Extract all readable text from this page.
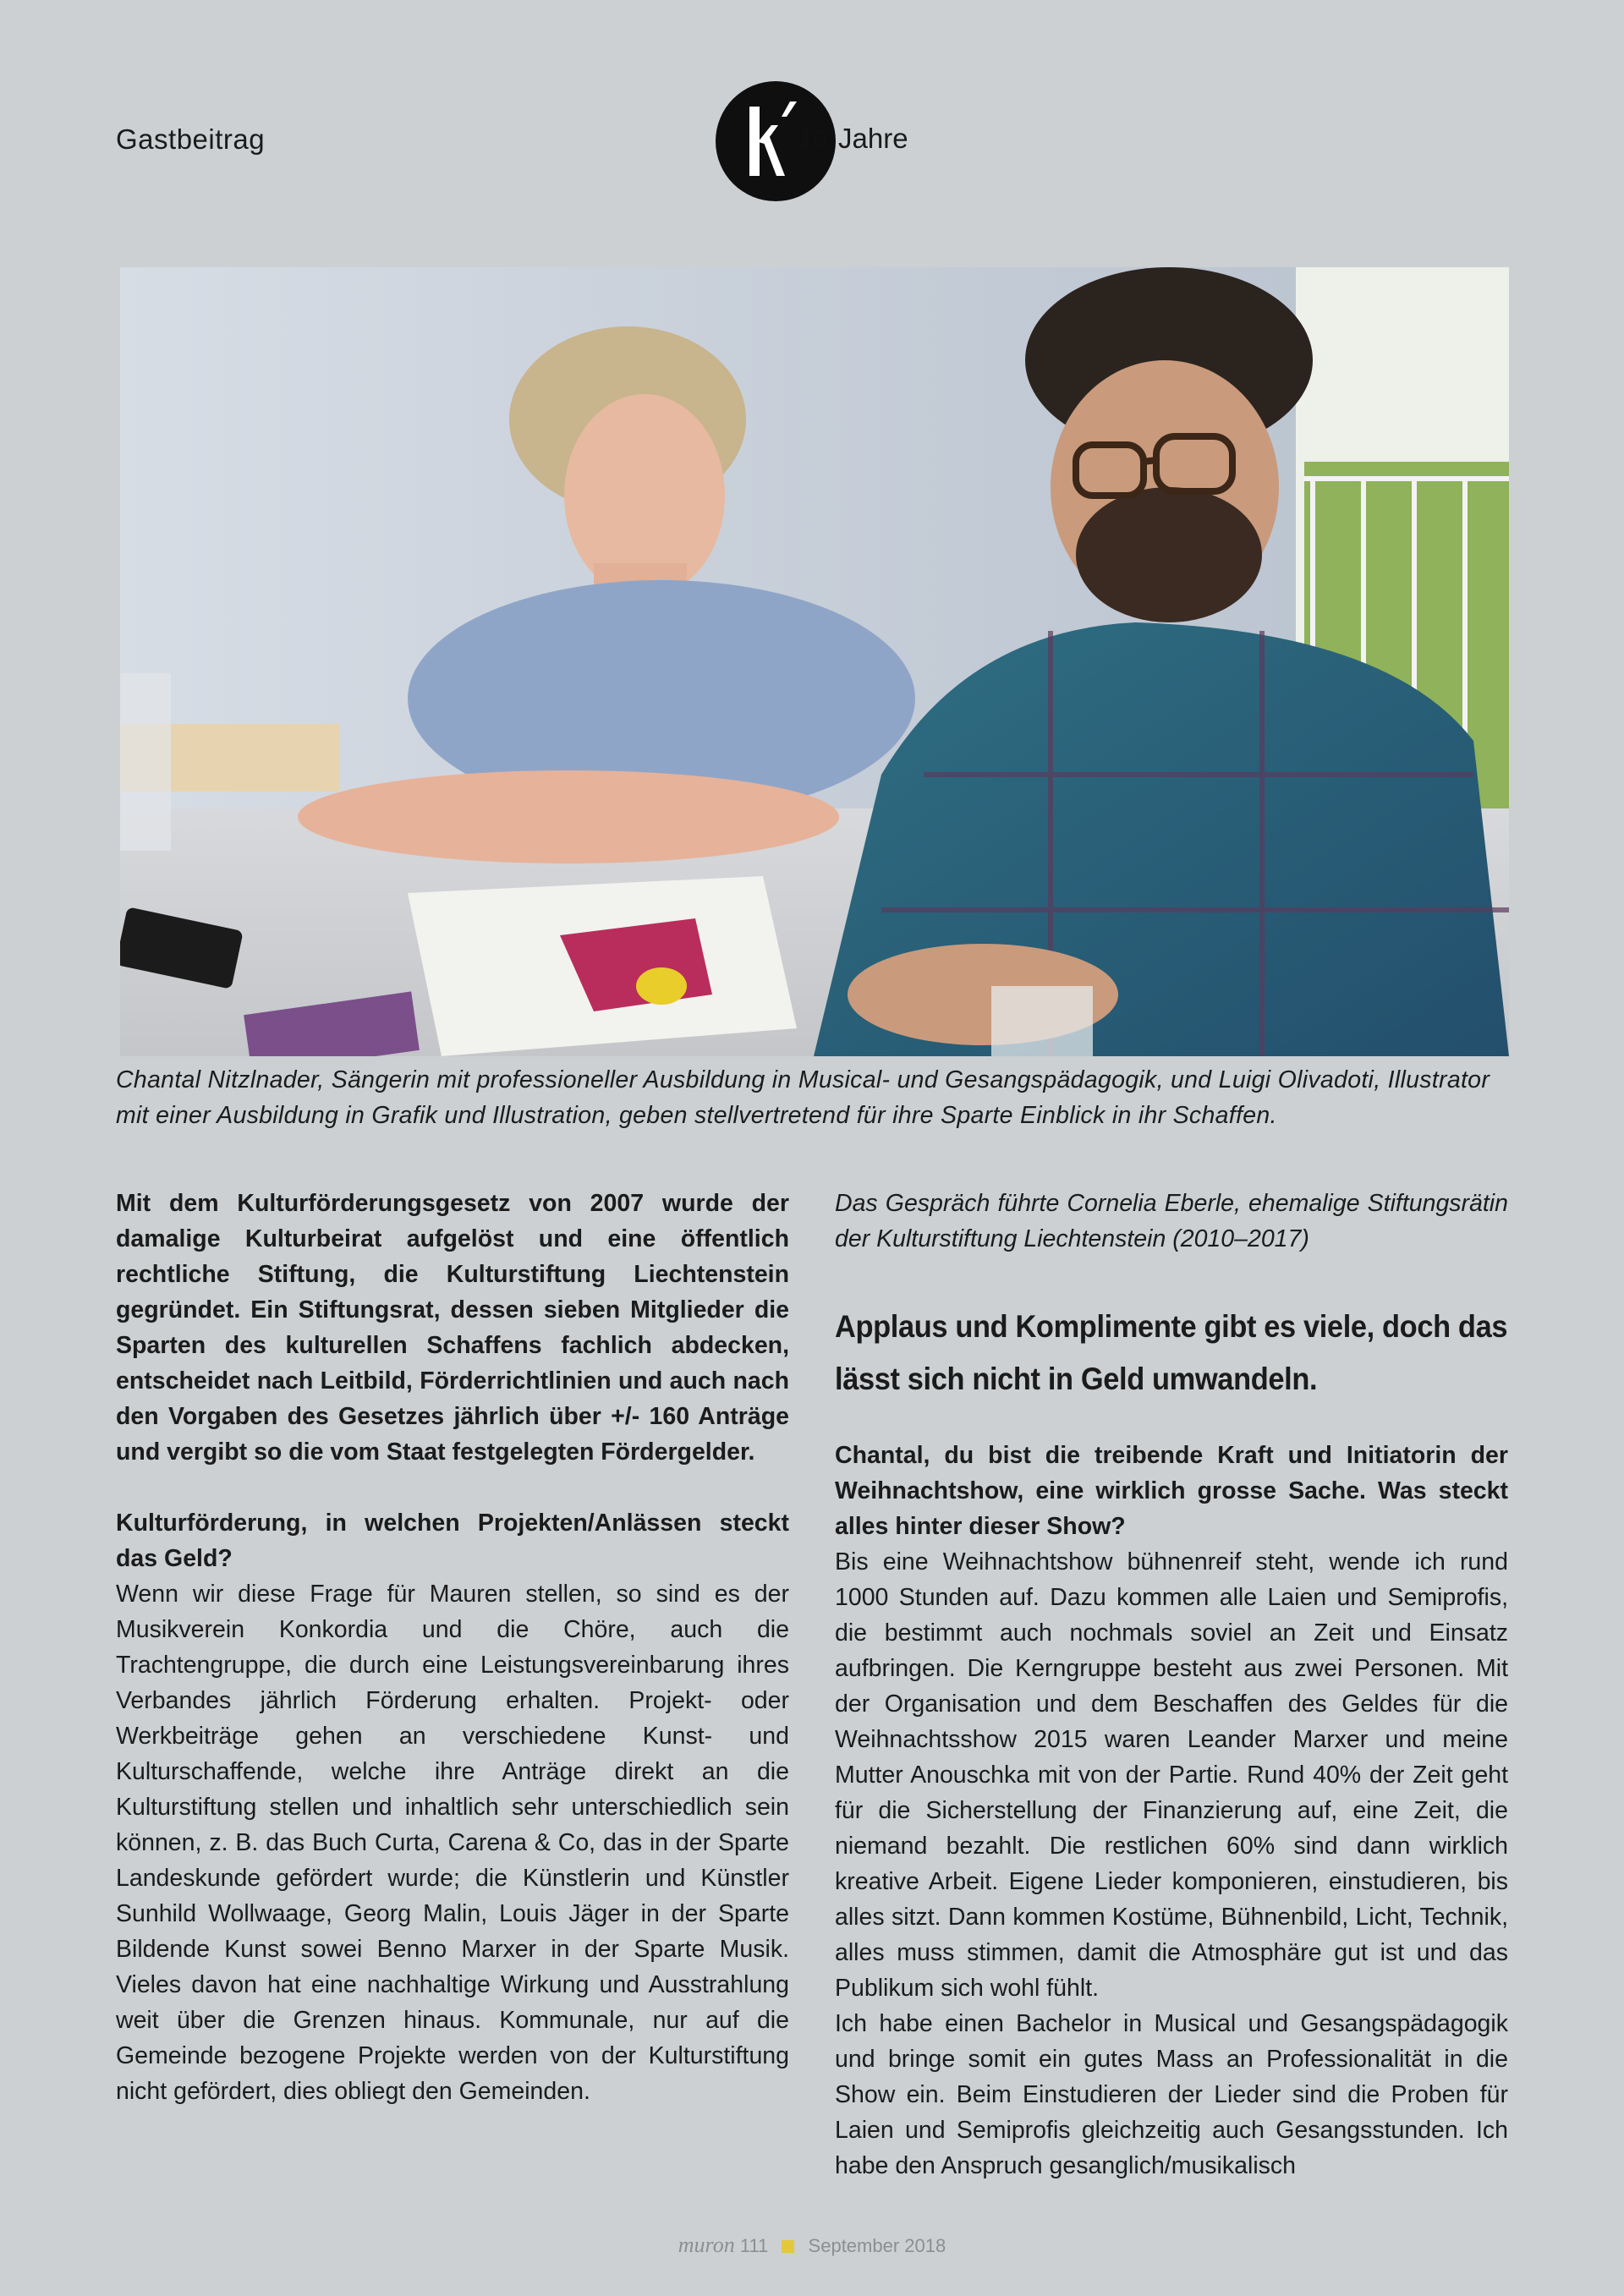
Gastbeitrag	10 Jahre
Chantal Nitzlnader, Sängerin mit professioneller Ausbildung in Musical- und Gesangspädagogik, und Luigi Olivadoti, Illustrator mit einer Ausbildung in Grafik und Illustration, geben stellvertretend für ihre Sparte Einblick in ihr Schaffen.

Mit dem Kulturförderungsgesetz von 2007 wurde der damalige Kulturbeirat aufgelöst und eine öffentlich rechtliche Stiftung, die Kulturstiftung Liechtenstein gegründet. Ein Stiftungsrat, dessen sieben Mitglieder die Sparten des kulturellen Schaffens fachlich abdecken, entscheidet nach Leitbild, Förderrichtlinien und auch nach den Vorgaben des Gesetzes jährlich über +/- 160 Anträge und vergibt so die vom Staat festgelegten Fördergelder.

Kulturförderung, in welchen Projekten/Anlässen steckt das Geld?

Wenn wir diese Frage für Mauren stellen, so sind es der Musikverein Konkordia und die Chöre, auch die Trachtengruppe, die durch eine Leistungsvereinbarung ihres Verbandes jährlich Förderung erhalten. Projekt- oder Werkbeiträge gehen an verschiedene Kunst- und Kulturschaffende, welche ihre Anträge direkt an die Kulturstiftung stellen und inhaltlich sehr unterschiedlich sein können, z. B. das Buch Curta, Carena & Co, das in der Sparte Landeskunde gefördert wurde; die Künstlerin und Künstler Sunhild Wollwaage, Georg Malin, Louis Jäger in der Sparte Bildende Kunst sowei Benno Marxer in der Sparte Musik. Vieles davon hat eine nachhaltige Wirkung und Ausstrahlung weit über die Grenzen hinaus. Kommunale, nur auf die Gemeinde bezogene Projekte werden von der Kulturstiftung nicht gefördert, dies obliegt den Gemeinden.

Das Gespräch führte Cornelia Eberle, ehemalige Stiftungsrätin der Kulturstiftung Liechtenstein (2010–2017)

Applaus und Komplimente gibt es viele, doch das lässt sich nicht in Geld umwandeln.

Chantal, du bist die treibende Kraft und Initiatorin der Weihnachtshow, eine wirklich grosse Sache. Was steckt alles hinter dieser Show?

Bis eine Weihnachtshow bühnenreif steht, wende ich rund 1000 Stunden auf. Dazu kommen alle Laien und Semiprofis, die bestimmt auch nochmals soviel an Zeit und Einsatz aufbringen. Die Kerngruppe besteht aus zwei Personen. Mit der Organisation und dem Beschaffen des Geldes für die Weihnachtsshow 2015 waren Leander Marxer und meine Mutter Anouschka mit von der Partie. Rund 40% der Zeit geht für die Sicherstellung der Finanzierung auf, eine Zeit, die niemand bezahlt. Die restlichen 60% sind dann wirklich kreative Arbeit. Eigene Lieder komponieren, einstudieren, bis alles sitzt. Dann kommen Kostüme, Bühnenbild, Licht, Technik, alles muss stimmen, damit die Atmosphäre gut ist und das Publikum sich wohl fühlt.

Ich habe einen Bachelor in Musical und Gesangspädagogik und bringe somit ein gutes Mass an Professionalität in die Show ein. Beim Einstudieren der Lieder sind die Proben für Laien und Semiprofis gleichzeitig auch Gesangsstunden. Ich habe den Anspruch gesanglich/musikalisch

muron 111 September 2018
